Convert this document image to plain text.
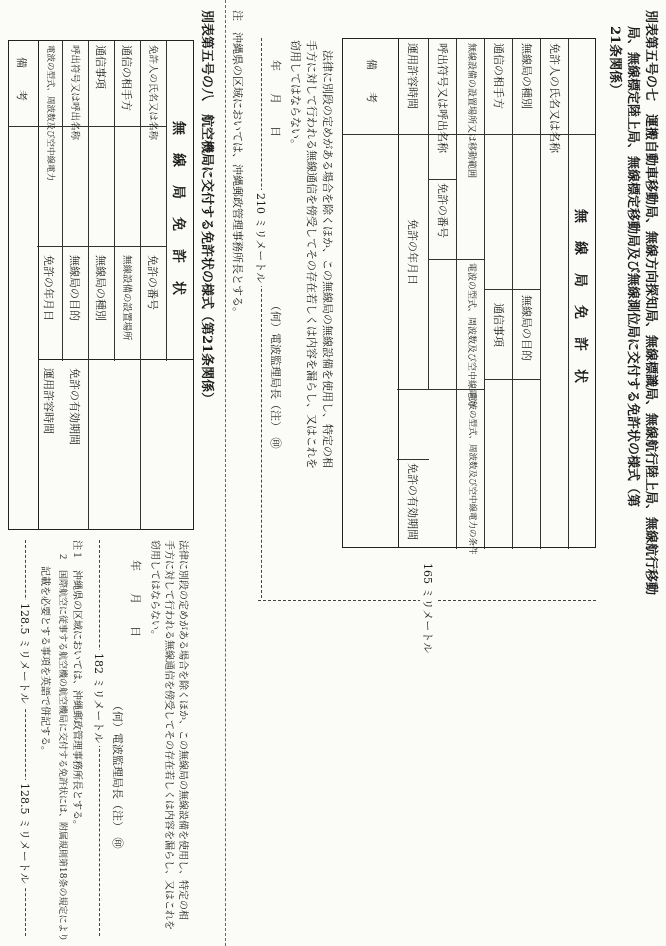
別表第五号の七　運搬自動車移動局、無線方向探知局、無線標識局、無線航行陸上局、無線航行移動
局、無線標定陸上局、無線標定移動局及び無線測位局に交付する免許状の様式（第
21条関係）
無　線　局　免　許　状
免許人の氏名又は名称
無線局の種別
無線局の目的
通信の相手方
通信事項
無線設備の設置場所又は移動範囲
電波の型式、周波数及び空中線電力
電波の型式、周波数及び空中線電力の条件
呼出符号又は呼出名称
免許の番号
運用許容時間
免許の年月日
免許の有効期間
備　　考
法律に別段の定めがある場合を除くほか、この無線局の無線設備を使用し、特定の相
手方に対して行われる無線通信を傍受してその存在若しくは内容を漏らし、又はこれを
窃用してはならない。
年　　月　　日
（何）電波監理局長（注）　㊞
210 ミリメートル
165 ミリメートル
注　沖縄県の区域においては、沖縄郵政管理事務所長とする。
別表第五号の八　航空機局に交付する免許状の様式（第21条関係）
無　線　局　免　許　状
免許の番号
免許人の氏名又は名称
無線設備の設置場所
通信の相手方
無線局の種別
通信事項
無線局の目的
呼出符号又は呼出名称
免許の年月日
電波の型式、周波数及び空中線電力
免許の有効期間
運用許容時間
備　　考
法律に別段の定めがある場合を除くほか、この無線局の無線設備を使用し、特定の相
手方に対して行われる無線通信を傍受してその存在若しくは内容を漏らし、又はこれを
窃用してはならない。
年　　月　　日
（何）電波監理局長（注）　㊞
182 ミリメートル
注１　沖縄県の区域においては、沖縄郵政管理事務所長とする。
２　国際航空に従事する航空機の航空機局に交付する免許状には、附属規則第18条の規定により
記載を必要とする事項を英語で併記する。
128.5 ミリメートル
128.5 ミリメートル
